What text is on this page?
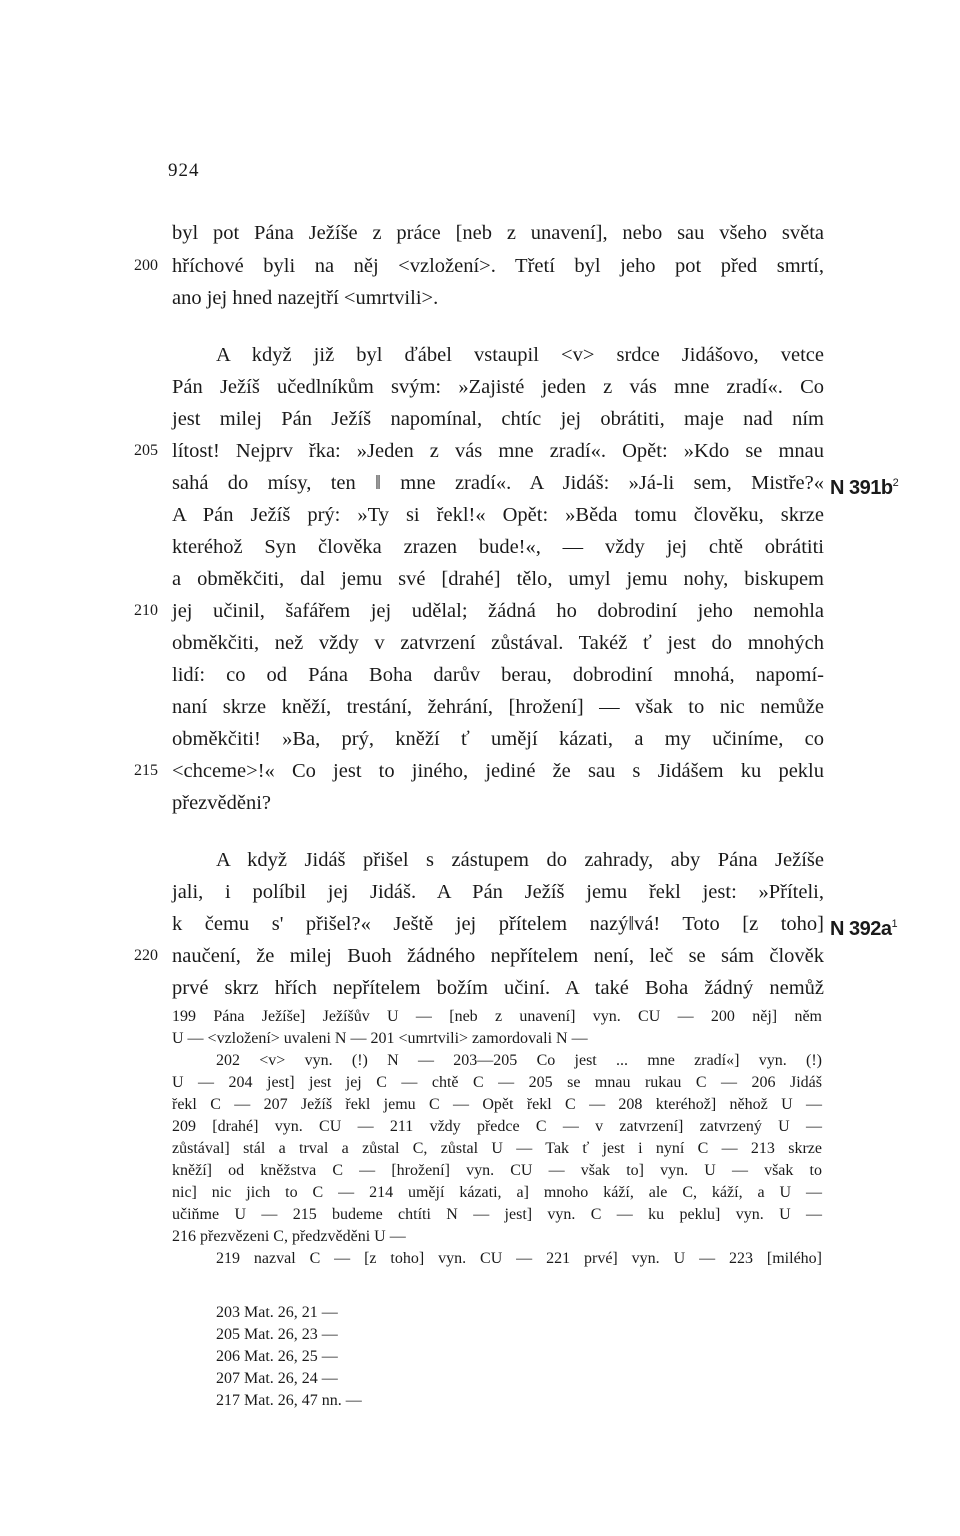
924
byl pot Pána Ježíše z práce [neb z unavení], nebo sau všeho světa
hříchové byli na něj <vzložení>. Třetí byl jeho pot před smrtí,
ano jej hned nazejtří <umrtvili>.
A když již byl ďábel vstaupil <v> srdce Jidášovo, vetce
Pán Ježíš učedlníkům svým: »Zajisté jeden z vás mne zradí«. Co
jest milej Pán Ježíš napomínal, chtíc jej obrátiti, maje nad ním
lítost! Nejprv řka: »Jeden z vás mne zradí«. Opět: »Kdo se mnau
sahá do mísy, ten ‖ mne zradí«. A Jidáš: »Já-li sem, Mistře?«
A Pán Ježíš prý: »Ty si řekl!« Opět: »Běda tomu člověku, skrze
kteréhož Syn člověka zrazen bude!«, — vždy jej chtě obrátiti
a obměkčiti, dal jemu své [drahé] tělo, umyl jemu nohy, biskupem
jej učinil, šafářem jej udělal; žádná ho dobrodiní jeho nemohla
obměkčiti, než vždy v zatvrzení zůstával. Takéž ť jest do mnohých
lidí: co od Pána Boha darův berau, dobrodiní mnohá, napomí-
naní skrze kněží, trestání, žehrání, [hrožení] — však to nic nemůže
obměkčiti! »Ba, prý, kněží ť umějí kázati, a my učiníme, co
<chceme>!« Co jest to jiného, jediné že sau s Jidášem ku peklu
přezvěděni?
A když Jidáš přišel s zástupem do zahrady, aby Pána Ježíše
jali, i políbil jej Jidáš. A Pán Ježíš jemu řekl jest: »Příteli,
k čemu s' přišel?« Ještě jej přítelem nazý‖vá! Toto [z toho]
naučení, že milej Buoh žádného nepřítelem není, leč se sám člověk
prvé skrz hřích nepřítelem božím učiní. A také Boha žádný nemůž
200
205
210
215
220
N $391b^2$
N $392a^1$
199 Pána Ježíše] Ježíšův U — [neb z unavení] vyn. CU — 200 něj] něm
U — <vzložení> uvaleni N — 201 <umrtvili> zamordovali N —
202 <v> vyn. (!) N — 203—205 Co jest ... mne zradí«] vyn. (!)
U — 204 jest] jest jej C — chtě C — 205 se mnau rukau C — 206 Jidáš
řekl C — 207 Ježíš řekl jemu C — Opět řekl C — 208 kteréhož] něhož U —
209 [drahé] vyn. CU — 211 vždy předce C — v zatvrzení] zatvrzený U —
zůstával] stál a trval a zůstal C, zůstal U — Tak ť jest i nyní C — 213 skrze
kněží] od kněžstva C — [hrožení] vyn. CU — však to] vyn. U — však to
nic] nic jich to C — 214 umějí kázati, a] mnoho káží, ale C, káží, a U —
učiňme U — 215 budeme chtíti N — jest] vyn. C — ku peklu] vyn. U —
216 přezvězeni C, předzvěděni U —
219 nazval C — [z toho] vyn. CU — 221 prvé] vyn. U — 223 [milého]
203 Mat. 26, 21 —
205 Mat. 26, 23 —
206 Mat. 26, 25 —
207 Mat. 26, 24 —
217 Mat. 26, 47 nn. —
